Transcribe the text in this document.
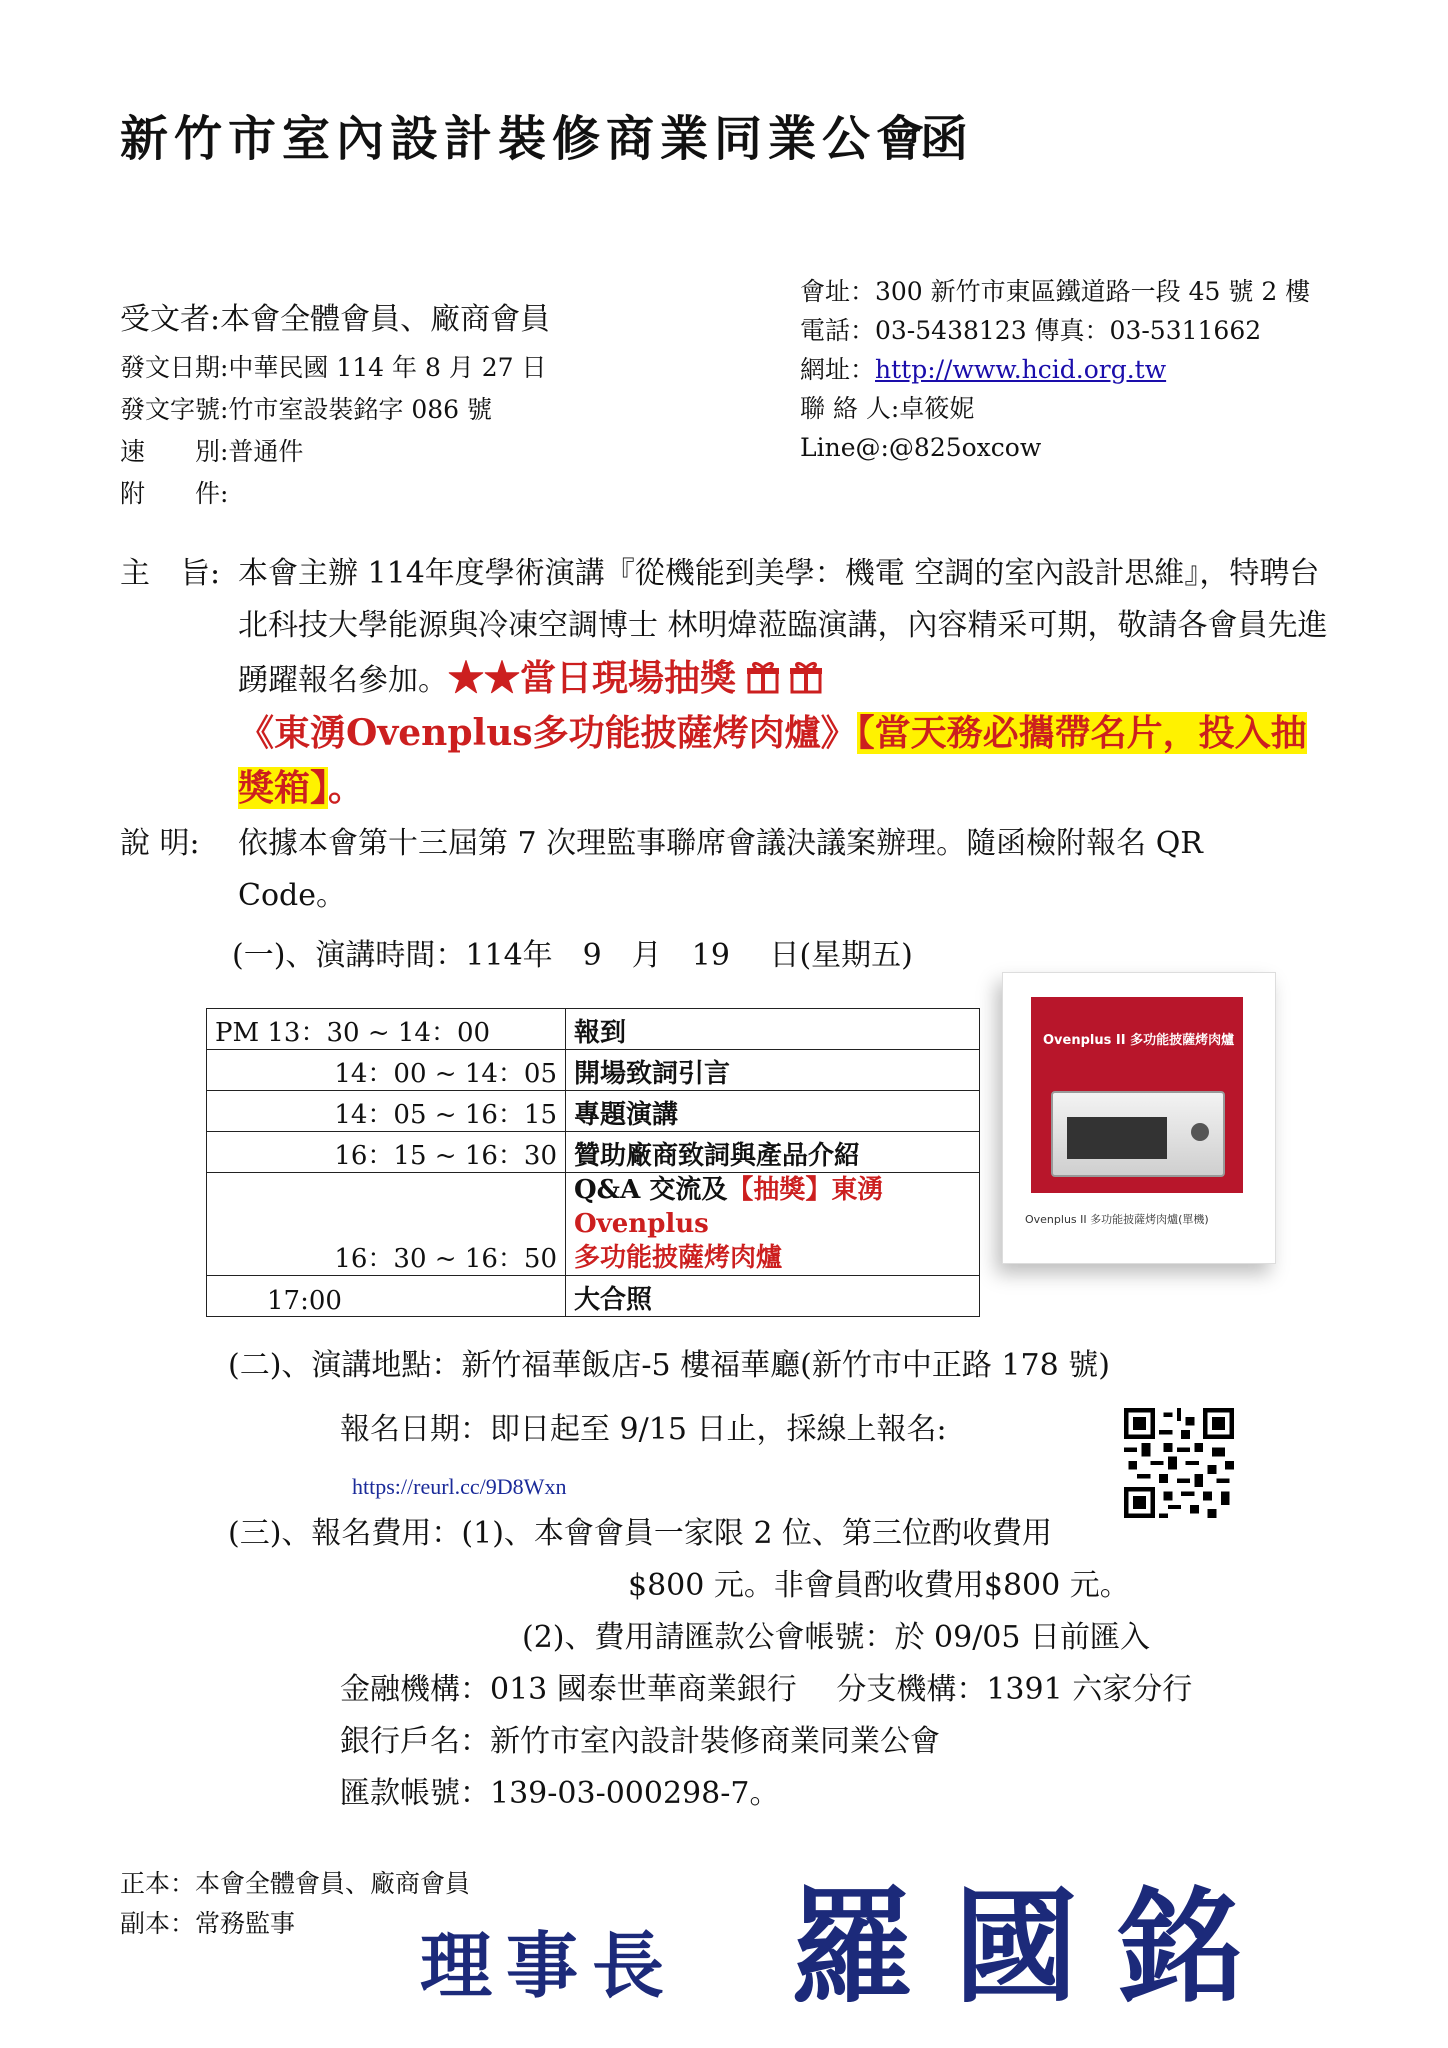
新竹市室內設計裝修商業同業公會
函
受文者:本會全體會員、廠商會員
發文日期:中華民國 114 年 8 月 27 日
發文字號:竹市室設裝銘字 086 號
速　　別:普通件
附　　件:
會址：300 新竹市東區鐵道路一段 45 號 2 樓
電話：03-5438123 傳真：03-5311662
網址：http://www.hcid.org.tw
聯 絡 人:卓筱妮
Line@:@825oxcow
主　旨: 本會主辦 114年度學術演講『從機能到美學：機電 空調的室內設計思維』，特聘台北科技大學能源與冷凍空調博士 林明煒蒞臨演講，內容精采可期，敬請各會員先進踴躍報名參加。★★當日現場抽獎
《東湧Ovenplus多功能披薩烤肉爐》【當天務必攜帶名片，投入抽獎箱】。
說 明: 依據本會第十三屆第 7 次理監事聯席會議決議案辦理。隨函檢附報名 QR Code。
(一)、演講時間：114年　9　月　19　 日(星期五)
PM 13：30 ~ 14：00	報到
14：00 ~ 14：05	開場致詞引言
14：05 ~ 16：15	專題演講
16：15 ~ 16：30	贊助廠商致詞與產品介紹
16：30 ~ 16：50	Q&A 交流及【抽獎】東湧 Ovenplus
多功能披薩烤肉爐
17:00	大合照
Ovenplus II 多功能披薩烤肉爐
Ovenplus II 多功能披薩烤肉爐(單機)
(二)、演講地點：新竹福華飯店-5 樓福華廳(新竹市中正路 178 號)
報名日期：即日起至 9/15 日止，採線上報名:
https://reurl.cc/9D8Wxn
(三)、報名費用：(1)、本會會員一家限 2 位、第三位酌收費用
$800 元。非會員酌收費用$800 元。
(2)、費用請匯款公會帳號：於 09/05 日前匯入
金融機構：013 國泰世華商業銀行　 分支機構：1391 六家分行
銀行戶名：新竹市室內設計裝修商業同業公會
匯款帳號：139-03-000298-7。
正本：本會全體會員、廠商會員
副本：常務監事	理事長 羅國銘
